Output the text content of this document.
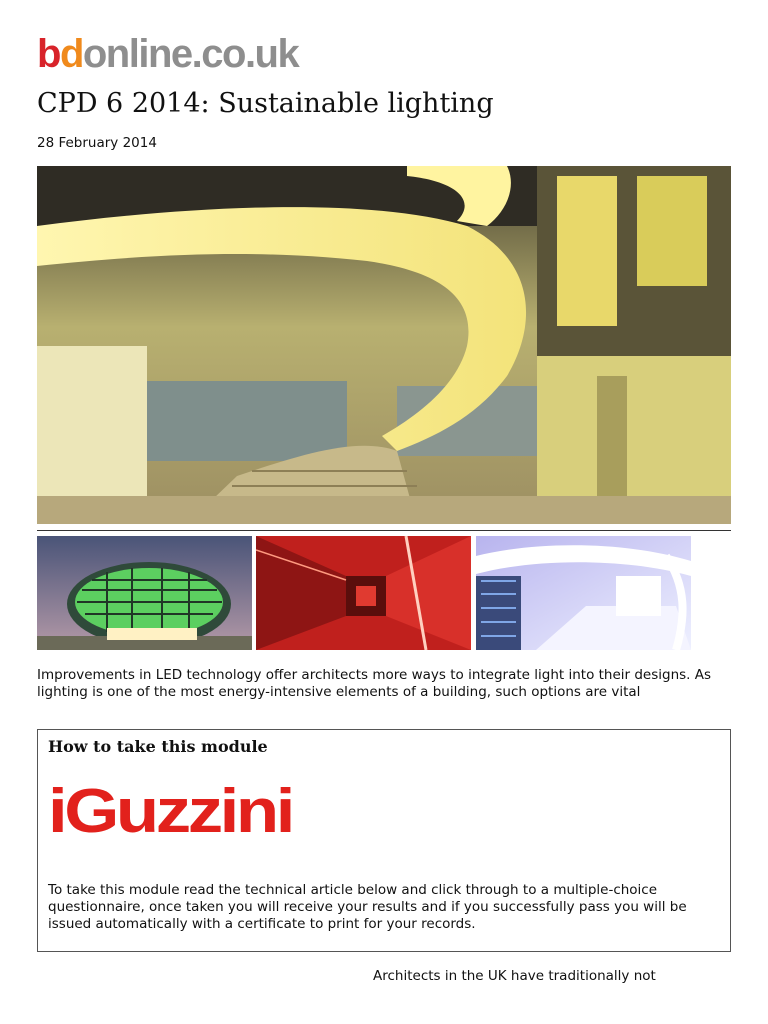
bdonline.co.uk
CPD 6 2014: Sustainable lighting
28 February 2014

Improvements in LED technology offer architects more ways to integrate light into their designs. As lighting is one of the most energy-intensive elements of a building, such options are vital

How to take this module
iGuzzini

To take this module read the technical article below and click through to a multiple-choice questionnaire, once taken you will receive your results and if you successfully pass you will be issued automatically with a certificate to print for your records.

Architects in the UK have traditionally not
